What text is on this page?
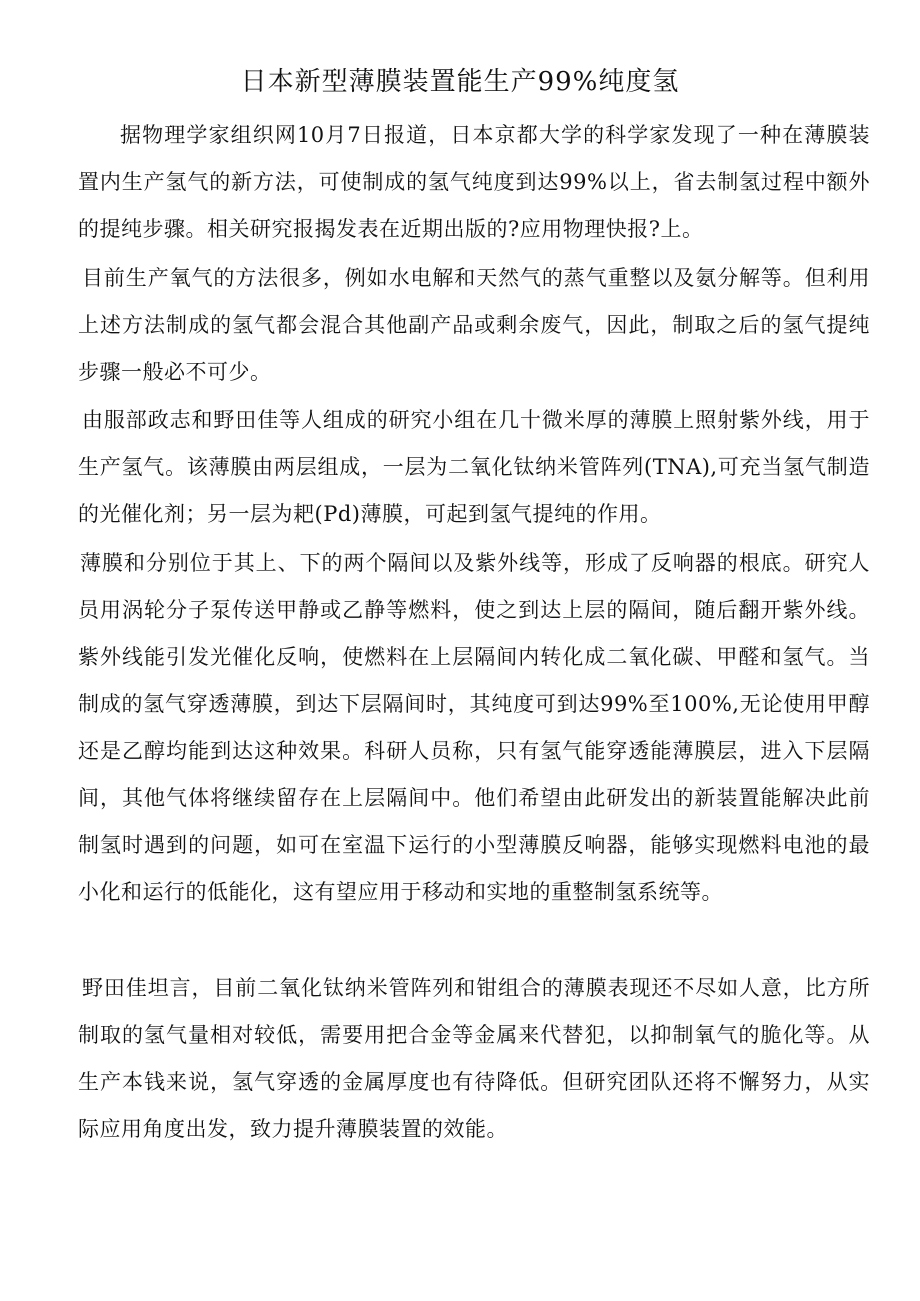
日本新型薄膜装置能生产99%纯度氢

据物理学家组织网10月7日报道，日本京都大学的科学家发现了一种在薄膜装置内生产氢气的新方法，可使制成的氢气纯度到达99%以上，省去制氢过程中额外的提纯步骤。相关研究报揭发表在近期出版的?应用物理快报?上。

目前生产氧气的方法很多，例如水电解和天然气的蒸气重整以及氨分解等。但利用上述方法制成的氢气都会混合其他副产品或剩余废气，因此，制取之后的氢气提纯步骤一般必不可少。

由服部政志和野田佳等人组成的研究小组在几十微米厚的薄膜上照射紫外线，用于生产氢气。该薄膜由两层组成，一层为二氧化钛纳米管阵列(TNA),可充当氢气制造的光催化剂；另一层为耙(Pd)薄膜，可起到氢气提纯的作用。

薄膜和分别位于其上、下的两个隔间以及紫外线等，形成了反响器的根底。研究人员用涡轮分子泵传送甲静或乙静等燃料，使之到达上层的隔间，随后翻开紫外线。紫外线能引发光催化反响，使燃料在上层隔间内转化成二氧化碳、甲醛和氢气。当制成的氢气穿透薄膜，到达下层隔间时，其纯度可到达99%至100%,无论使用甲醇还是乙醇均能到达这种效果。科研人员称，只有氢气能穿透能薄膜层，进入下层隔间，其他气体将继续留存在上层隔间中。他们希望由此研发出的新装置能解决此前制氢时遇到的问题，如可在室温下运行的小型薄膜反响器，能够实现燃料电池的最小化和运行的低能化，这有望应用于移动和实地的重整制氢系统等。

野田佳坦言，目前二氧化钛纳米管阵列和钳组合的薄膜表现还不尽如人意，比方所制取的氢气量相对较低，需要用把合金等金属来代替犯，以抑制氧气的脆化等。从生产本钱来说，氢气穿透的金属厚度也有待降低。但研究团队还将不懈努力，从实际应用角度出发，致力提升薄膜装置的效能。
